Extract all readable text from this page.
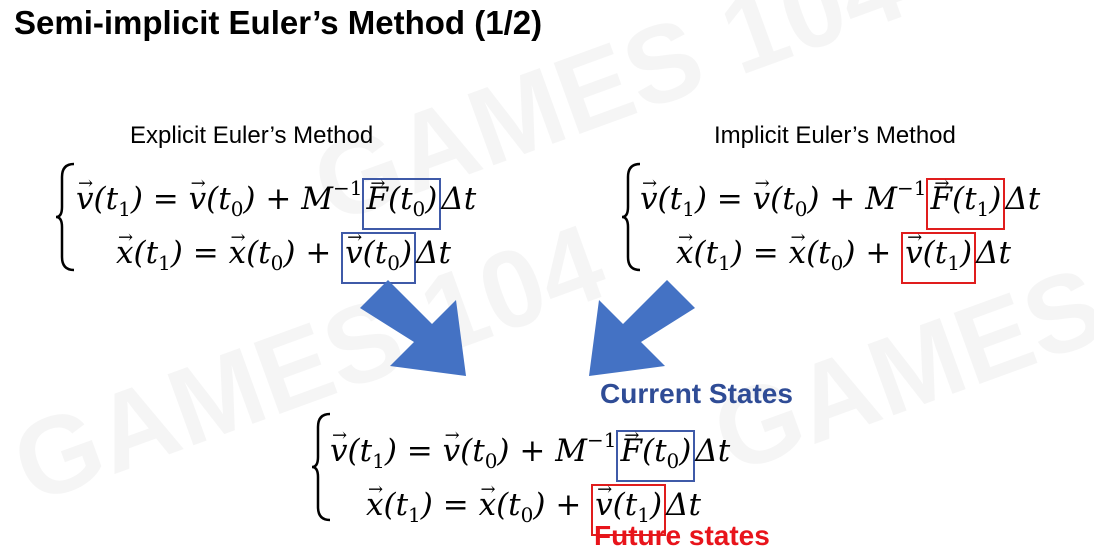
Semi-implicit Euler’s Method (1/2)
Explicit Euler’s Method
$v \to(t_1) = v \to(t_0) + M^{-1}$ $F \to(t_0)$ Δt
$x \to(t_1) = x \to(t_0) + v \to(t_0)$ Δt
Implicit Euler’s Method
$v \to(t_1) = v \to(t_0) + M^{-1}$ $F \to(t_1)$ Δt
$x \to(t_1) = x \to(t_0) + v \to(t_1)$ Δt
Current States
$v \to(t_1) = v \to(t_0) + M^{-1}$ $F \to(t_0)$ Δt
$x \to(t_1) = x \to(t_0) + v \to(t_1)$ Δt
Future states
